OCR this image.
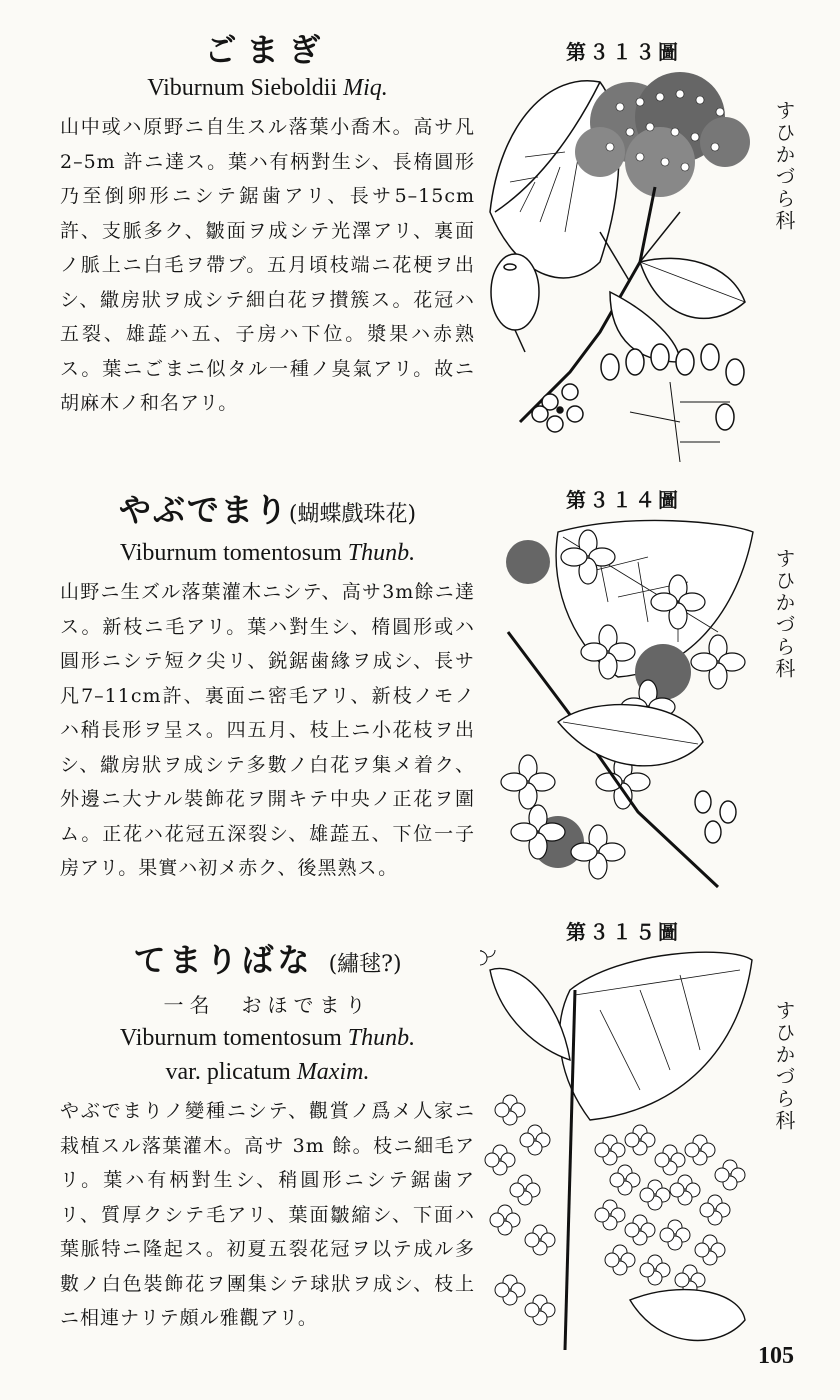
ごまぎ
Viburnum Sieboldii Miq.
山中或ハ原野ニ自生スル落葉小喬木。高サ凡 2–5m 許ニ達ス。葉ハ有柄對生シ、長楕圓形乃至倒卵形ニシテ鋸歯アリ、長サ5–15cm許、支脈多ク、皺面ヲ成シテ光澤アリ、裏面ノ脈上ニ白毛ヲ帶ブ。五月頃枝端ニ花梗ヲ出シ、繖房狀ヲ成シテ細白花ヲ攅簇ス。花冠ハ五裂、雄蕋ハ五、子房ハ下位。漿果ハ赤熟ス。葉ニごまニ似タル一種ノ臭氣アリ。故ニ胡麻木ノ和名アリ。
やぶでまり(蝴蝶戲珠花)
Viburnum tomentosum Thunb.
山野ニ生ズル落葉灌木ニシテ、高サ3m餘ニ達ス。新枝ニ毛アリ。葉ハ對生シ、楕圓形或ハ圓形ニシテ短ク尖リ、鋭鋸歯緣ヲ成シ、長サ凡7–11cm許、裏面ニ密毛アリ、新枝ノモノハ稍長形ヲ呈ス。四五月、枝上ニ小花枝ヲ出シ、繖房狀ヲ成シテ多數ノ白花ヲ集メ着ク、外邊ニ大ナル裝飾花ヲ開キテ中央ノ正花ヲ圍ム。正花ハ花冠五深裂シ、雄蕋五、下位一子房アリ。果實ハ初メ赤ク、後黑熟ス。
てまりばな (繡毬?)
一名　おほでまり
Viburnum tomentosum Thunb.
var. plicatum Maxim.
やぶでまりノ變種ニシテ、觀賞ノ爲メ人家ニ栽植スル落葉灌木。高サ 3m 餘。枝ニ細毛アリ。葉ハ有柄對生シ、稍圓形ニシテ鋸歯アリ、質厚クシテ毛アリ、葉面皺縮シ、下面ハ葉脈特ニ隆起ス。初夏五裂花冠ヲ以テ成ル多數ノ白色裝飾花ヲ團集シテ球狀ヲ成シ、枝上ニ相連ナリテ頗ル雅觀アリ。
第３１３圖
第３１４圖
第３１５圖
すひかづら科
すひかづら科
すひかづら科
105
